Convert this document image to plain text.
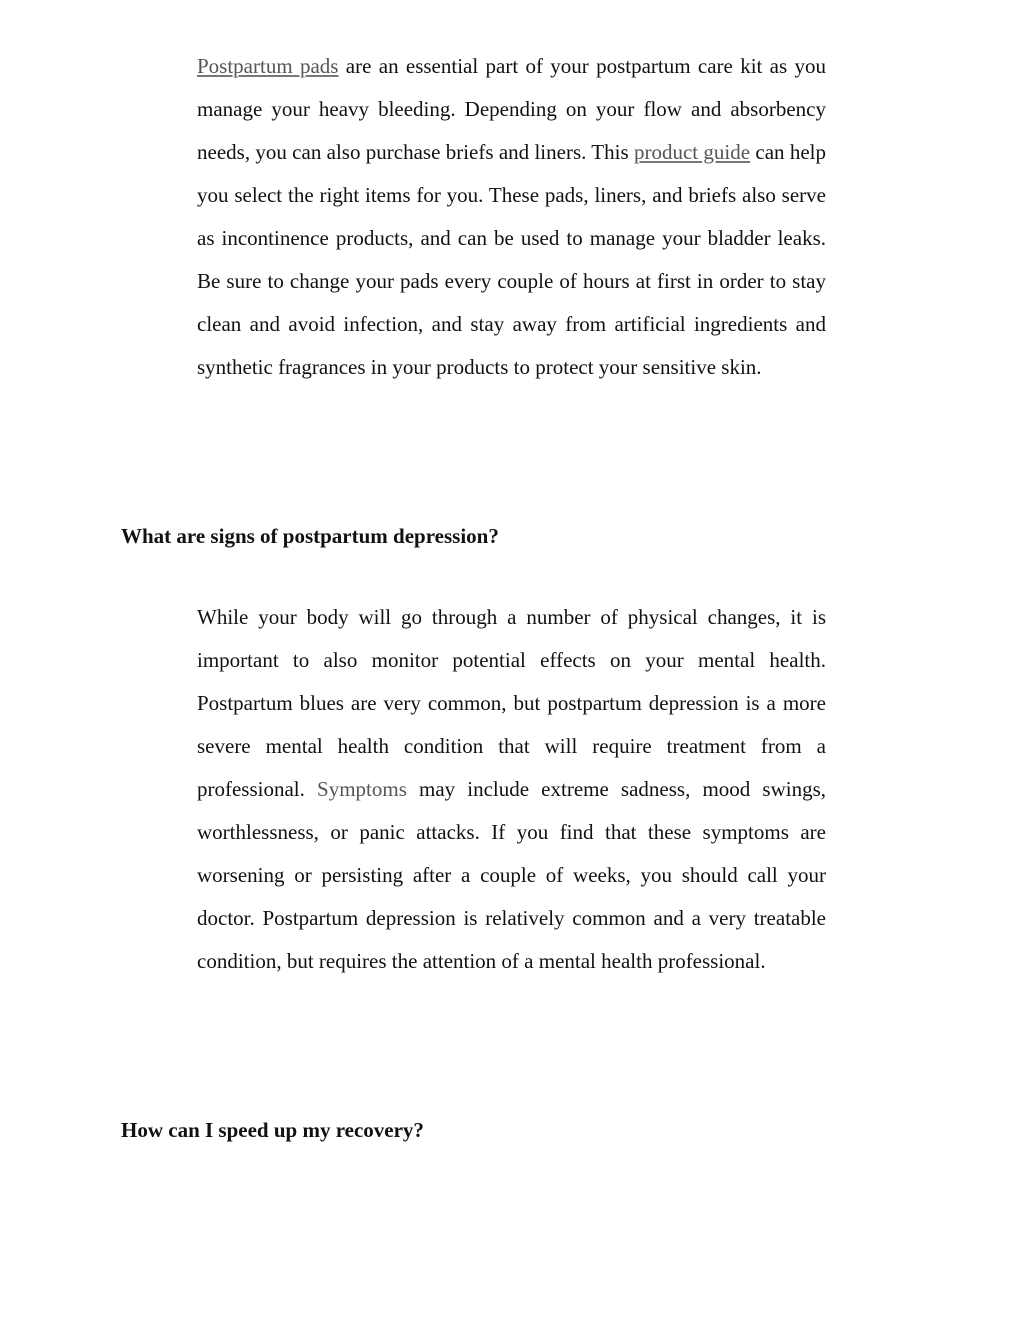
Postpartum pads are an essential part of your postpartum care kit as you manage your heavy bleeding. Depending on your flow and absorbency needs, you can also purchase briefs and liners. This product guide can help you select the right items for you. These pads, liners, and briefs also serve as incontinence products, and can be used to manage your bladder leaks. Be sure to change your pads every couple of hours at first in order to stay clean and avoid infection, and stay away from artificial ingredients and synthetic fragrances in your products to protect your sensitive skin.

What are signs of postpartum depression?

While your body will go through a number of physical changes, it is important to also monitor potential effects on your mental health. Postpartum blues are very common, but postpartum depression is a more severe mental health condition that will require treatment from a professional. Symptoms may include extreme sadness, mood swings, worthlessness, or panic attacks. If you find that these symptoms are worsening or persisting after a couple of weeks, you should call your doctor. Postpartum depression is relatively common and a very treatable condition, but requires the attention of a mental health professional.

How can I speed up my recovery?
